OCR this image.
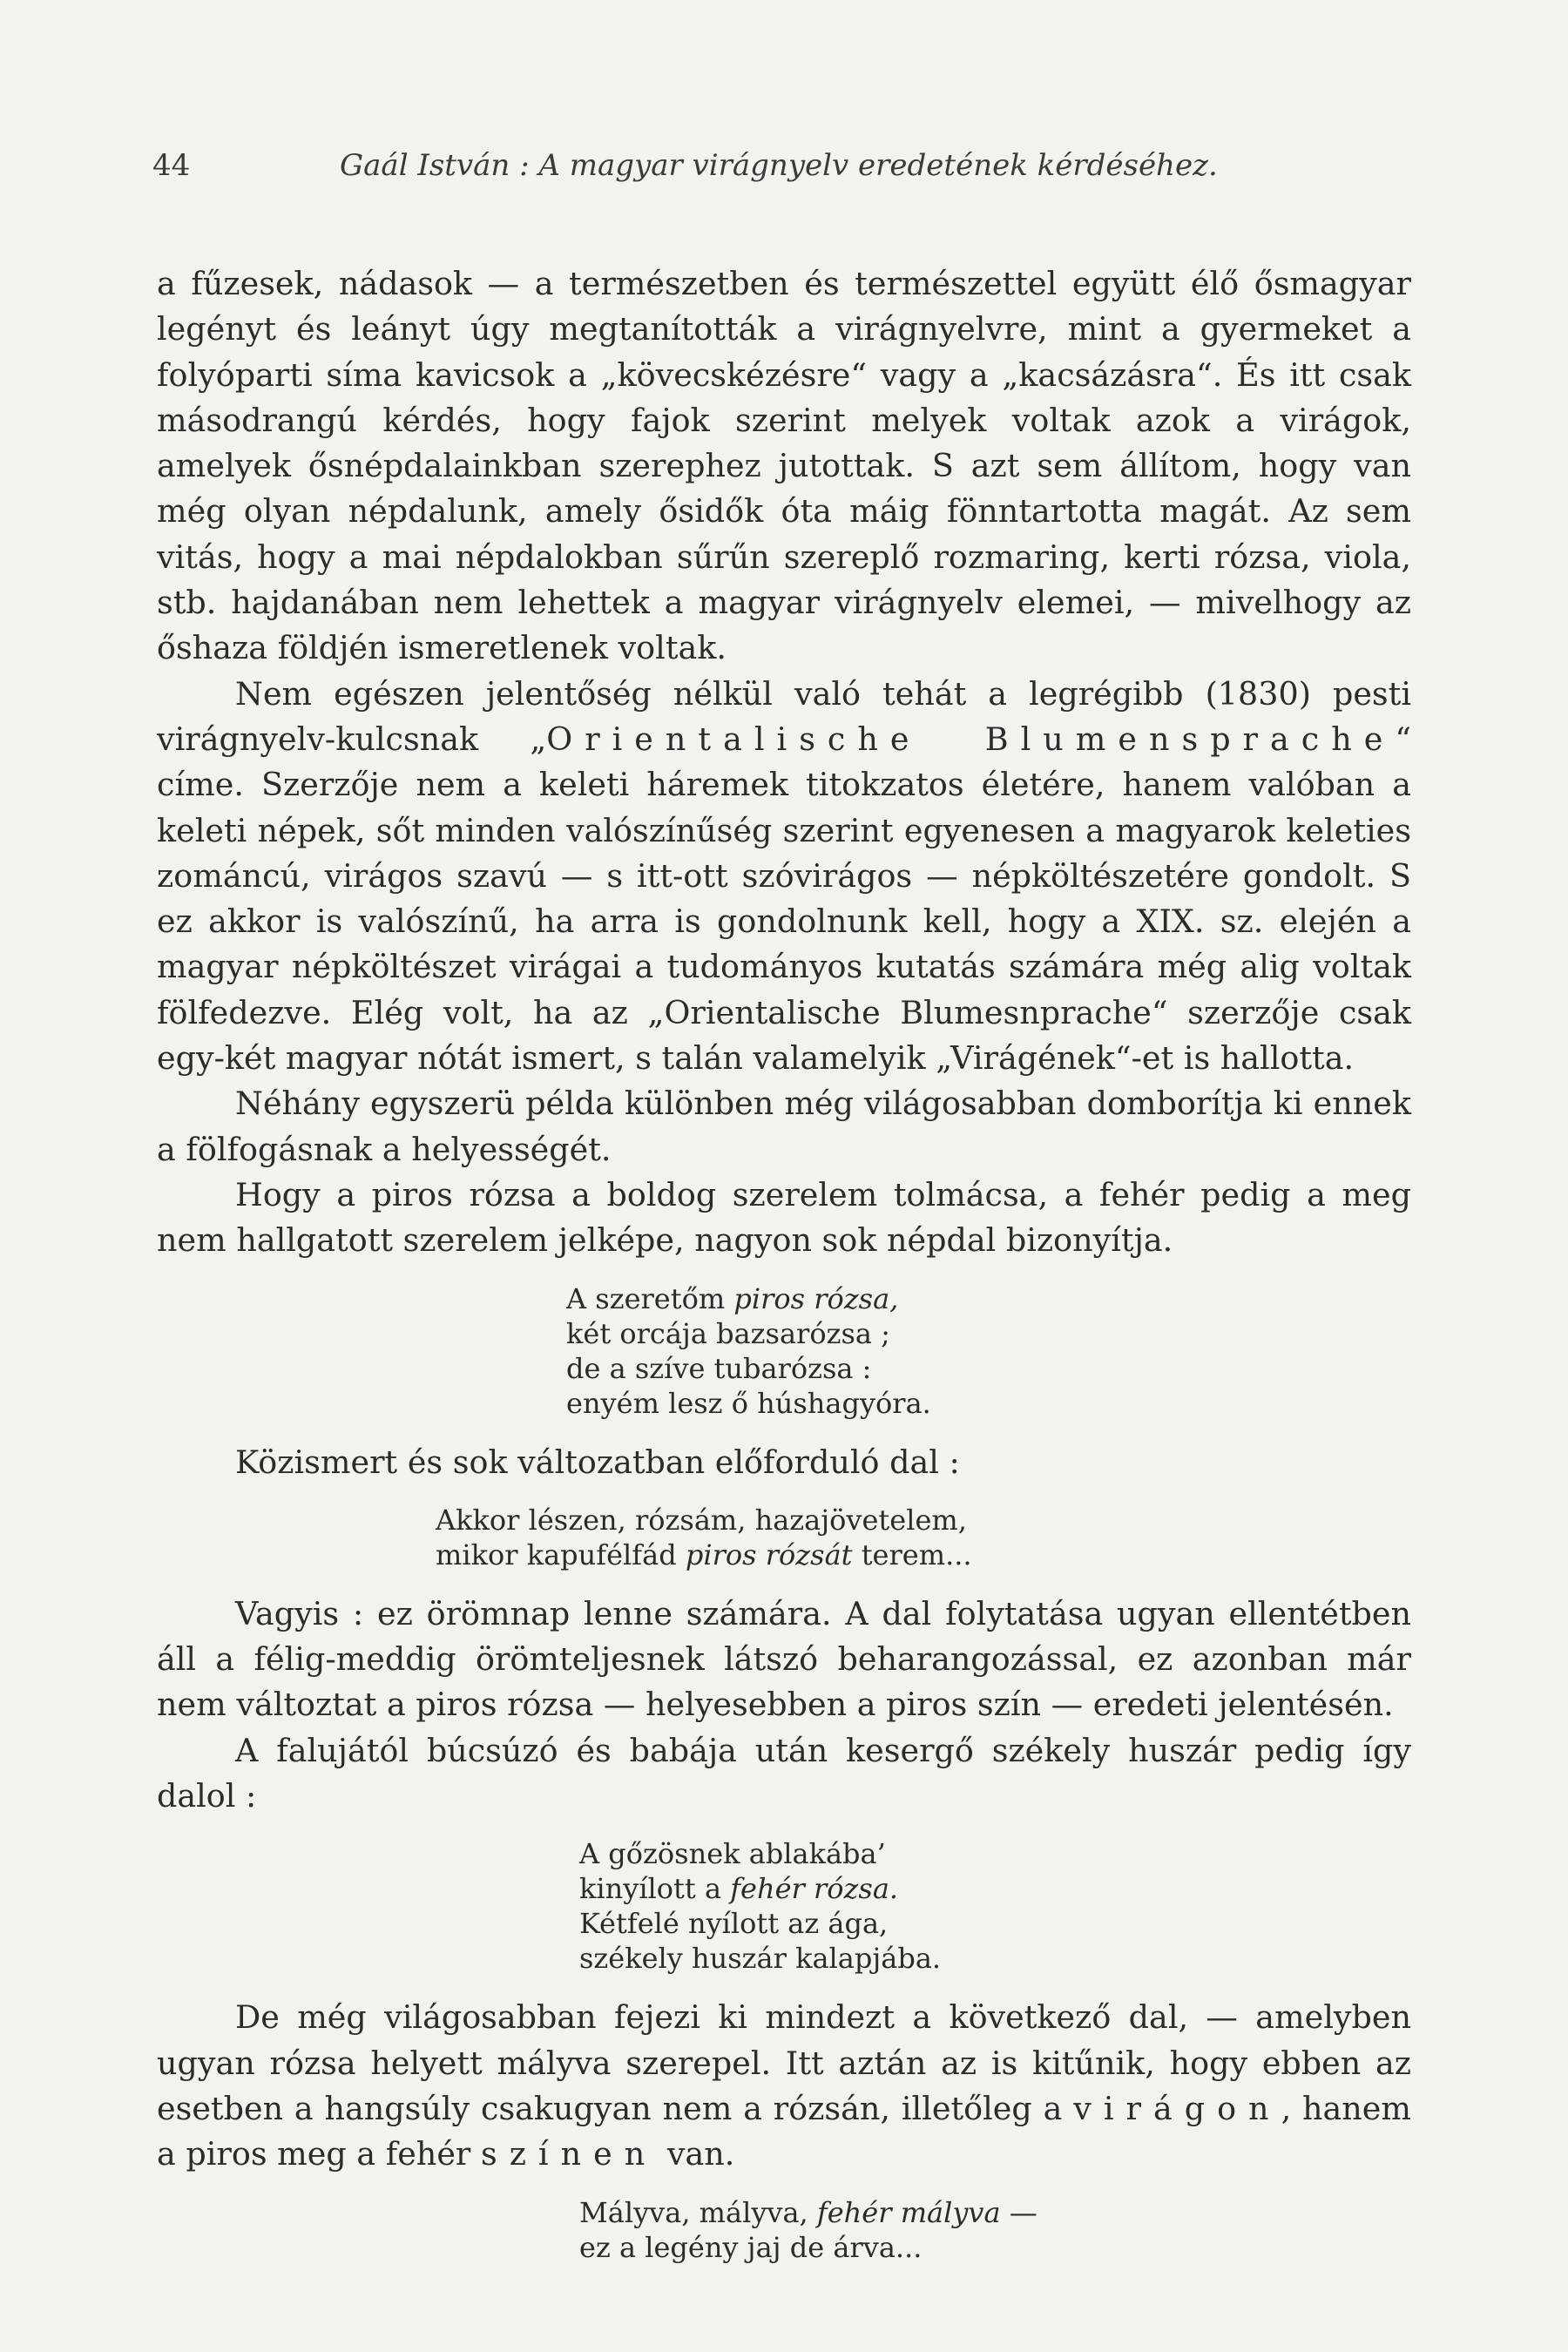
44	Gaál István : A magyar virágnyelv eredetének kérdéséhez.

a fűzesek, nádasok — a természetben és természettel együtt élő ősmagyar legényt és leányt úgy megtanították a virágnyelvre, mint a gyermeket a folyóparti síma kavicsok a „kövecskézésre“ vagy a „kacsázásra“. És itt csak másodrangú kérdés, hogy fajok szerint melyek voltak azok a virágok, amelyek ősnépdalainkban szerephez jutottak. S azt sem állítom, hogy van még olyan népdalunk, amely ősidők óta máig fönntartotta magát. Az sem vitás, hogy a mai népdalokban sűrűn szereplő rozmaring, kerti rózsa, viola, stb. hajdanában nem lehettek a magyar virágnyelv elemei, — mivelhogy az őshaza földjén ismeretlenek voltak.

Nem egészen jelentőség nélkül való tehát a legrégibb (1830) pesti virágnyelv-kulcsnak „Orientalische Blumensprache“ címe. Szerzője nem a keleti háremek titokzatos életére, hanem valóban a keleti népek, sőt minden valószínűség szerint egyenesen a magyarok keleties zománcú, virágos szavú — s itt-ott szóvirágos — népköltészetére gondolt. S ez akkor is valószínű, ha arra is gondolnunk kell, hogy a XIX. sz. elején a magyar népköltészet virágai a tudományos kutatás számára még alig voltak fölfedezve. Elég volt, ha az „Orientalische Blumesnprache“ szerzője csak egy-két magyar nótát ismert, s talán valamelyik „Virágének“-et is hallotta.

Néhány egyszerü példa különben még világosabban domborítja ki ennek a fölfogásnak a helyességét.

Hogy a piros rózsa a boldog szerelem tolmácsa, a fehér pedig a meg nem hallgatott szerelem jelképe, nagyon sok népdal bizonyítja.

A szeretőm piros rózsa,
két orcája bazsarózsa ;
de a szíve tubarózsa :
enyém lesz ő húshagyóra.

Közismert és sok változatban előforduló dal :

Akkor lészen, rózsám, hazajövetelem,
mikor kapufélfád piros rózsát terem...

Vagyis : ez örömnap lenne számára. A dal folytatása ugyan ellentétben áll a félig-meddig örömteljesnek látszó beharangozással, ez azonban már nem változtat a piros rózsa — helyesebben a piros szín — eredeti jelentésén.

A falujától búcsúzó és babája után kesergő székely huszár pedig így dalol :

A gőzösnek ablakába’
kinyílott a fehér rózsa.
Kétfelé nyílott az ága,
székely huszár kalapjába.

De még világosabban fejezi ki mindezt a következő dal, — amelyben ugyan rózsa helyett mályva szerepel. Itt aztán az is kitűnik, hogy ebben az esetben a hangsúly csakugyan nem a rózsán, illetőleg a virágon, hanem a piros meg a fehér színen van.

Mályva, mályva, fehér mályva —
ez a legény jaj de árva...
